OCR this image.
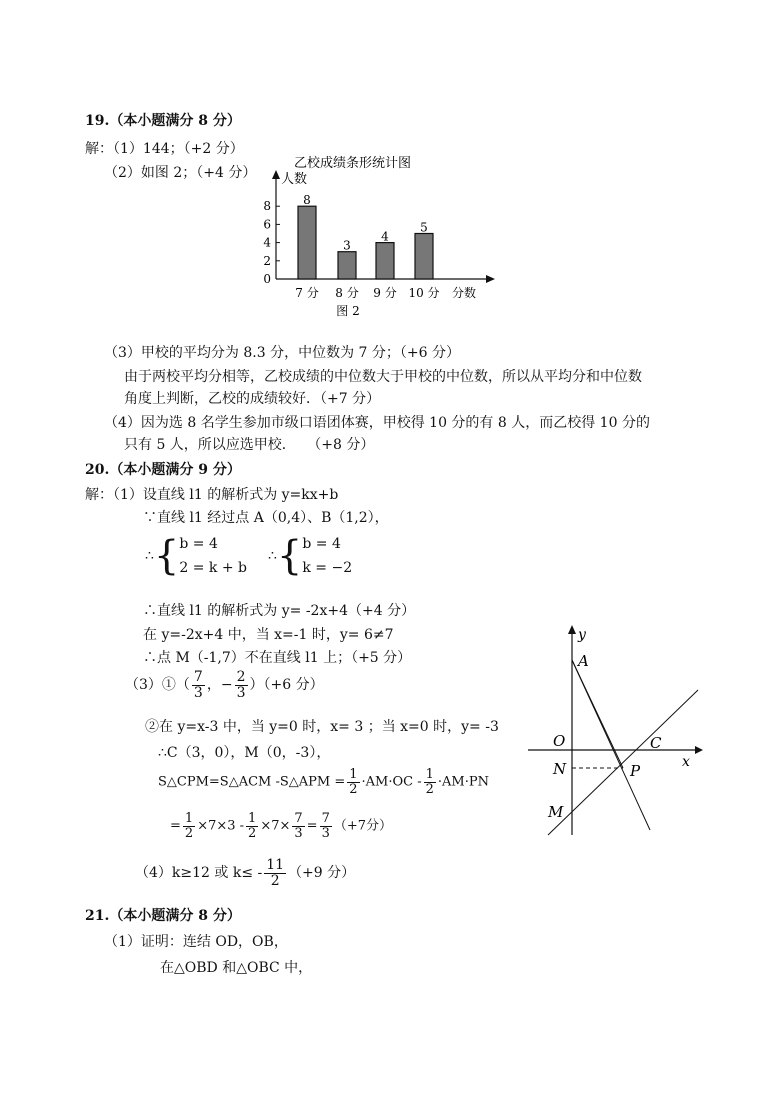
19.（本小题满分 8 分）
解：（1）144；（+2 分）
（2）如图 2；（+4 分）
乙校成绩条形统计图
人数
0
2
4
6
8	8
7 分
3
8 分
4
9 分
5
10 分 分数
图 2
（3）甲校的平均分为 8.3 分，中位数为 7 分；（+6 分）
由于两校平均分相等，乙校成绩的中位数大于甲校的中位数，所以从平均分和中位数
角度上判断，乙校的成绩较好．（+7 分）
（4）因为选 8 名学生参加市级口语团体赛，甲校得 10 分的有 8 人，而乙校得 10 分的
只有 5 人，所以应选甲校．　 （+8 分）
20.（本小题满分 9 分）
解：（1）设直线 l1 的解析式为 y=kx+b
∵直线 l1 经过点 A（0,4）、B（1,2），
∴{b = 4
2 = k + b
∴{b = 4
k = −2
∴直线 l1 的解析式为 y= -2x+4（+4 分）
在 y=-2x+4 中，当 x=-1 时，y= 6≠7
∴点 M（-1,7）不在直线 l1 上；（+5 分）
（3）①（ $\frac{7}{3}$ ，− $\frac{2}{3} )(+6$ 分）
②在 y=x-3 中，当 y=0 时，x= 3 ；当 x=0 时，y= -3
∴C（3，0），M（0，-3），
S△CPM=S△ACM -S△APM = $\frac{1}{2} \cdot AM\cdot OC - \frac{1}{2} \cdot AM\cdot PN$
= $\frac{1}{2} \times 7\times 3 - \frac{1}{2} \times 7\times \frac{7}{3} = \frac{7}{3} (+7$分）
（4）k≥12 或 $k\le - \frac{11}{2} (+9$ 分）
y
x
A
O	C
N	P
M
21.（本小题满分 8 分）
（1）证明：连结 OD，OB，
在△OBD 和△OBC 中，
